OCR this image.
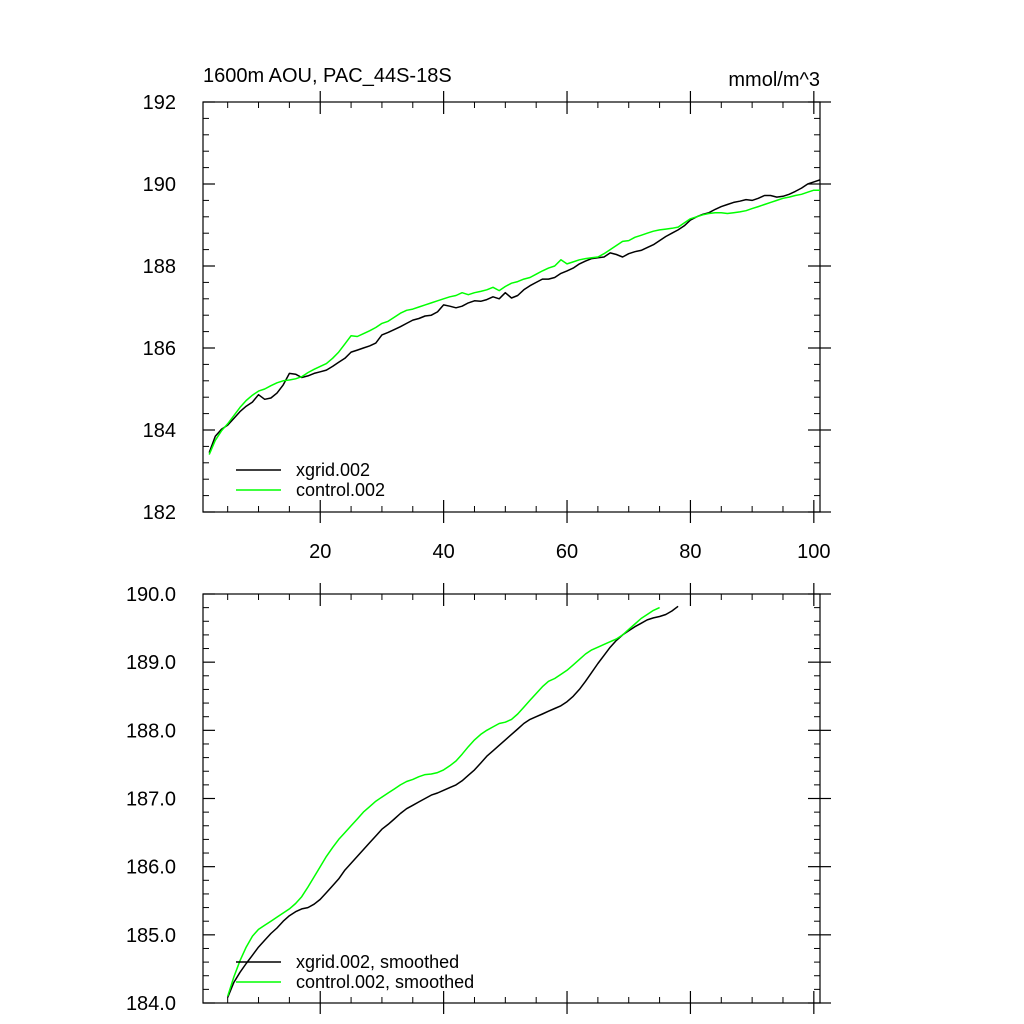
1600m AOU, PAC_44S-18S	mmol/m^3
20	40	60	80	100
182
184
186
188
190
192
xgrid.002
control.002
184.0
185.0
186.0
187.0
188.0
189.0
190.0
xgrid.002, smoothed
control.002, smoothed
